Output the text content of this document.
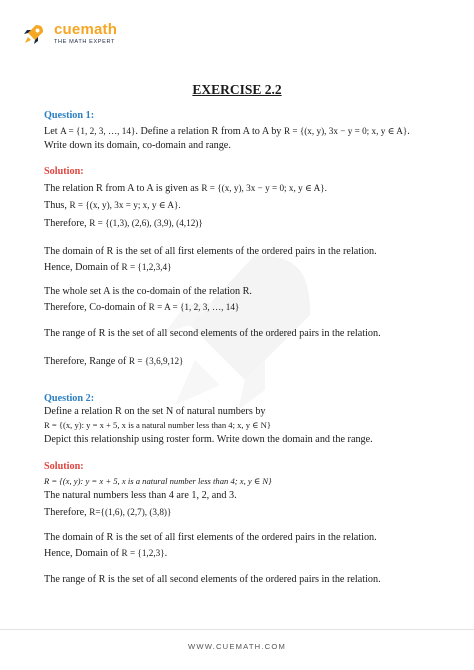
cuemath
THE MATH EXPERT
EXERCISE 2.2
Question 1:
Let A = {1, 2, 3, …, 14}. Define a relation R from A to A by R = {(x, y), 3x − y = 0; x, y ∈ A}.
Write down its domain, co-domain and range.
Solution:
The relation R from A to A is given as R = {(x, y), 3x − y = 0; x, y ∈ A}.
Thus, R = {(x, y), 3x = y; x, y ∈ A}.
Therefore, R = {(1,3), (2,6), (3,9), (4,12)}
The domain of R is the set of all first elements of the ordered pairs in the relation.
Hence, Domain of R = {1,2,3,4}
The whole set A is the co-domain of the relation R.
Therefore, Co-domain of R = A = {1, 2, 3, …, 14}
The range of R is the set of all second elements of the ordered pairs in the relation.
Therefore, Range of R = {3,6,9,12}
Question 2:
Define a relation R on the set N of natural numbers by
R = {(x, y): y = x + 5, x is a natural number less than 4; x, y ∈ N}
Depict this relationship using roster form. Write down the domain and the range.
Solution:
R = {(x, y): y = x + 5, x is a natural number less than 4; x, y ∈ N}
The natural numbers less than 4 are 1, 2, and 3.
Therefore, R={(1,6), (2,7), (3,8)}
The domain of R is the set of all first elements of the ordered pairs in the relation.
Hence, Domain of R = {1,2,3}.
The range of R is the set of all second elements of the ordered pairs in the relation.
WWW.CUEMATH.COM
